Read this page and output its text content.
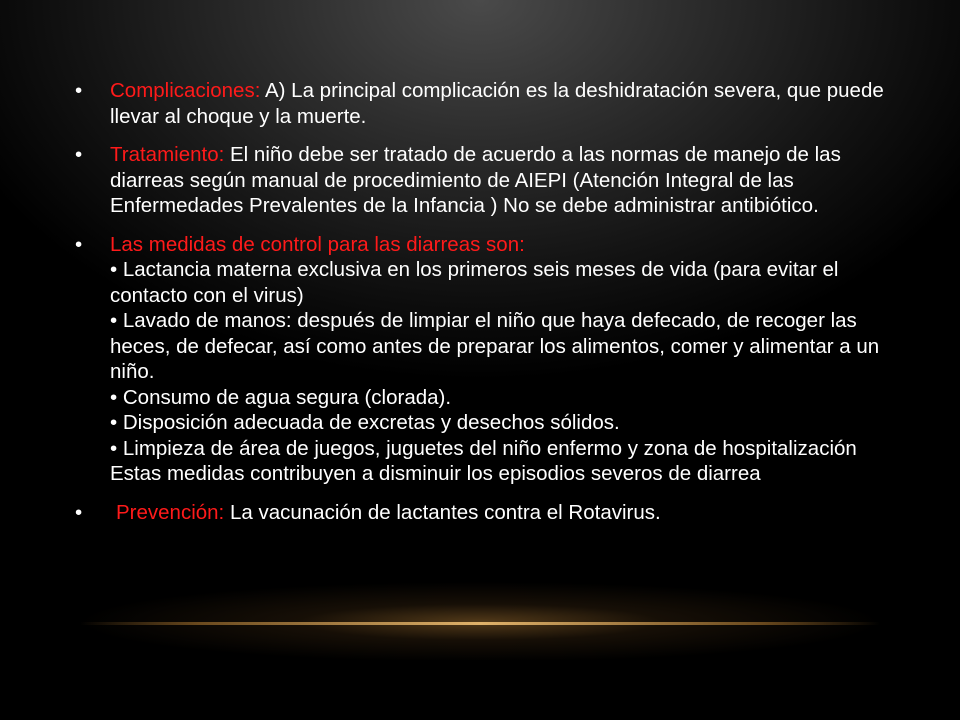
• Complicaciones: A) La principal complicación es la deshidratación severa, que puede llevar al choque y la muerte.
• Tratamiento: El niño debe ser tratado de acuerdo a las normas de manejo de las diarreas según manual de procedimiento de AIEPI (Atención Integral de las Enfermedades Prevalentes de la Infancia ) No se debe administrar antibiótico.
• Las medidas de control para las diarreas son:
• Lactancia materna exclusiva en los primeros seis meses de vida (para evitar el contacto con el virus)
• Lavado de manos: después de limpiar el niño que haya defecado, de recoger las heces, de defecar, así como antes de preparar los alimentos, comer y alimentar a un niño.
• Consumo de agua segura (clorada).
• Disposición adecuada de excretas y desechos sólidos.
• Limpieza de área de juegos, juguetes del niño enfermo y zona de hospitalización Estas medidas contribuyen a disminuir los episodios severos de diarrea
• Prevención: La vacunación de lactantes contra el Rotavirus.
